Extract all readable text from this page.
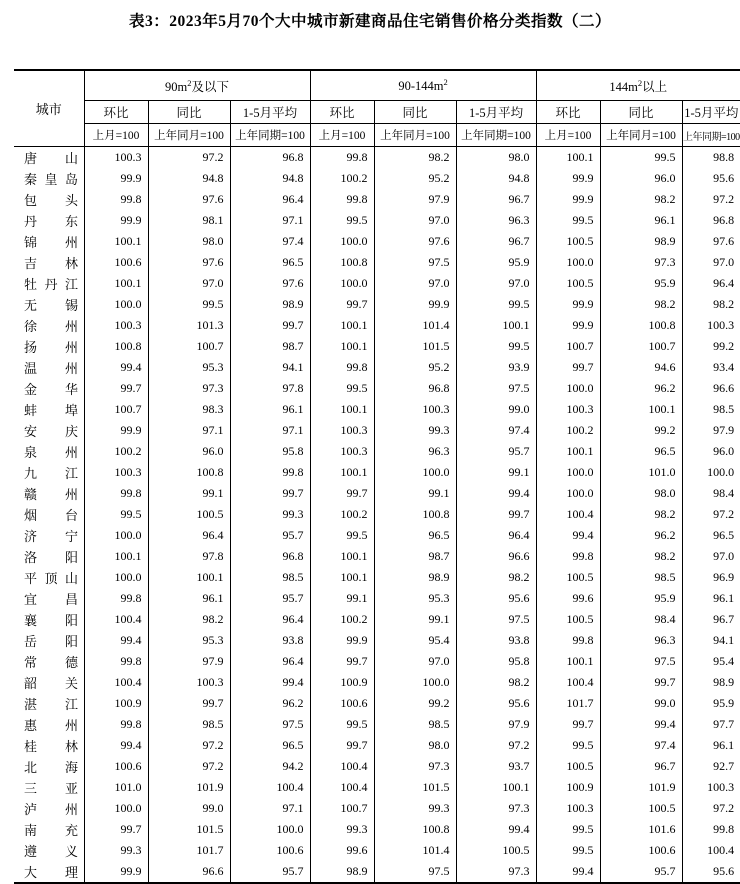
表3：2023年5月70个大中城市新建商品住宅销售价格分类指数（二）
城市	$90m^2$及以下			$90-144m^2$			$144m^2$以上		
	环比	同比	1-5月平均	环比	同比	1-5月平均	环比	同比	1-5月平均
	上月=100	上年同月=100	上年同期=100	上月=100	上年同月=100	上年同期=100	上月=100	上年同月=100	上年同期=100

唐 山	100.3	97.2	96.8	99.8	98.2	98.0	100.1	99.5	98.8

秦 皇 岛	99.9	94.8	94.8	100.2	95.2	94.8	99.9	96.0	95.6

包 头	99.8	97.6	96.4	99.8	97.9	96.7	99.9	98.2	97.2

丹 东	99.9	98.1	97.1	99.5	97.0	96.3	99.5	96.1	96.8

锦 州	100.1	98.0	97.4	100.0	97.6	96.7	100.5	98.9	97.6

吉 林	100.6	97.6	96.5	100.8	97.5	95.9	100.0	97.3	97.0

牡 丹 江	100.1	97.0	97.6	100.0	97.0	97.0	100.5	95.9	96.4

无 锡	100.0	99.5	98.9	99.7	99.9	99.5	99.9	98.2	98.2

徐 州	100.3	101.3	99.7	100.1	101.4	100.1	99.9	100.8	100.3

扬 州	100.8	100.7	98.7	100.1	101.5	99.5	100.7	100.7	99.2

温 州	99.4	95.3	94.1	99.8	95.2	93.9	99.7	94.6	93.4

金 华	99.7	97.3	97.8	99.5	96.8	97.5	100.0	96.2	96.6

蚌 埠	100.7	98.3	96.1	100.1	100.3	99.0	100.3	100.1	98.5

安 庆	99.9	97.1	97.1	100.3	99.3	97.4	100.2	99.2	97.9

泉 州	100.2	96.0	95.8	100.3	96.3	95.7	100.1	96.5	96.0

九 江	100.3	100.8	99.8	100.1	100.0	99.1	100.0	101.0	100.0

赣 州	99.8	99.1	99.7	99.7	99.1	99.4	100.0	98.0	98.4

烟 台	99.5	100.5	99.3	100.2	100.8	99.7	100.4	98.2	97.2

济 宁	100.0	96.4	95.7	99.5	96.5	96.4	99.4	96.2	96.5

洛 阳	100.1	97.8	96.8	100.1	98.7	96.6	99.8	98.2	97.0

平 顶 山	100.0	100.1	98.5	100.1	98.9	98.2	100.5	98.5	96.9

宜 昌	99.8	96.1	95.7	99.1	95.3	95.6	99.6	95.9	96.1

襄 阳	100.4	98.2	96.4	100.2	99.1	97.5	100.5	98.4	96.7

岳 阳	99.4	95.3	93.8	99.9	95.4	93.8	99.8	96.3	94.1

常 德	99.8	97.9	96.4	99.7	97.0	95.8	100.1	97.5	95.4

韶 关	100.4	100.3	99.4	100.9	100.0	98.2	100.4	99.7	98.9

湛 江	100.9	99.7	96.2	100.6	99.2	95.6	101.7	99.0	95.9

惠 州	99.8	98.5	97.5	99.5	98.5	97.9	99.7	99.4	97.7

桂 林	99.4	97.2	96.5	99.7	98.0	97.2	99.5	97.4	96.1

北 海	100.6	97.2	94.2	100.4	97.3	93.7	100.5	96.7	92.7

三 亚	101.0	101.9	100.4	100.4	101.5	100.1	100.9	101.9	100.3

泸 州	100.0	99.0	97.1	100.7	99.3	97.3	100.3	100.5	97.2

南 充	99.7	101.5	100.0	99.3	100.8	99.4	99.5	101.6	99.8

遵 义	99.3	101.7	100.6	99.6	101.4	100.5	99.5	100.6	100.4

大 理	99.9	96.6	95.7	98.9	97.5	97.3	99.4	95.7	95.6
